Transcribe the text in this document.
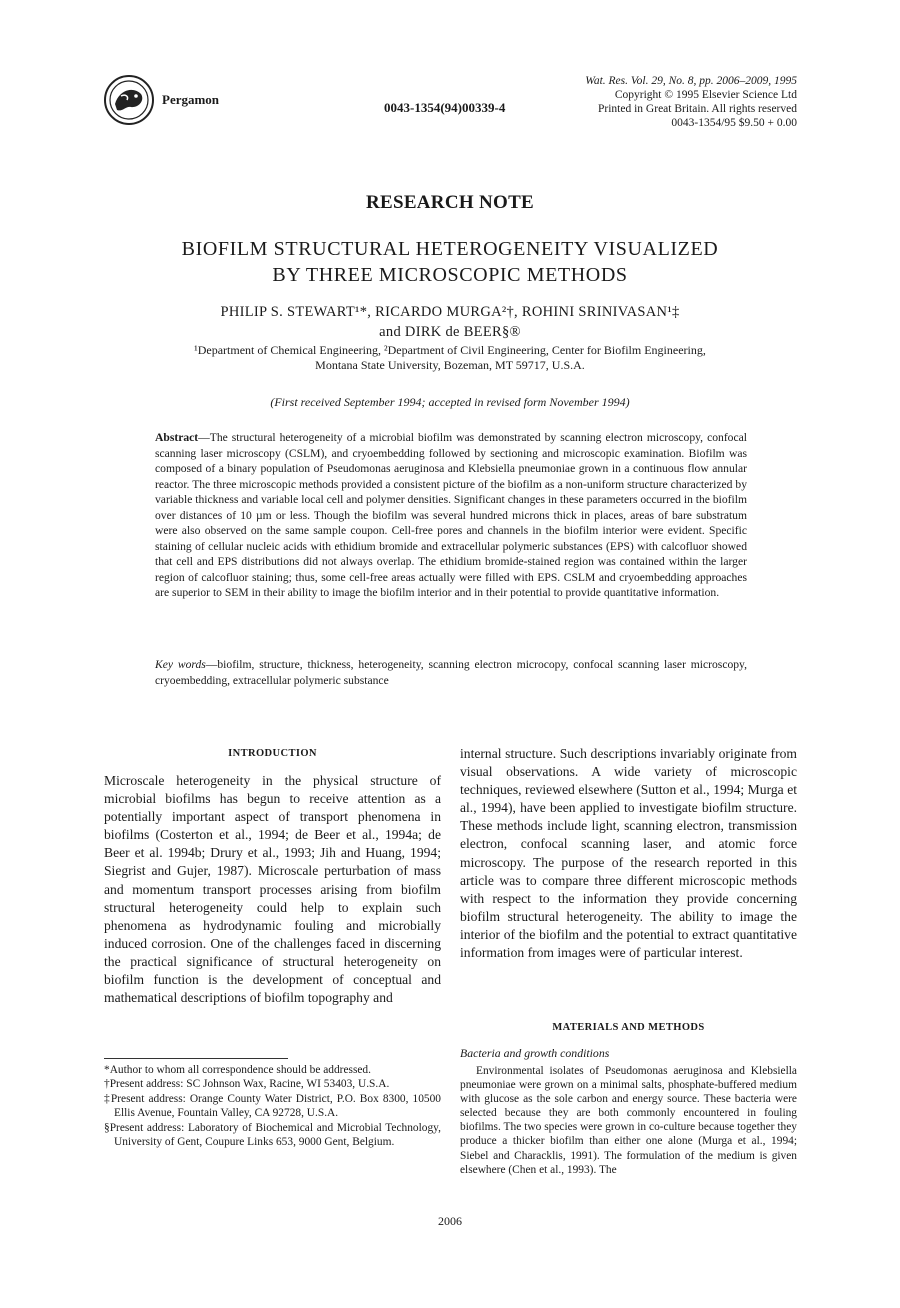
Pergamon
0043-1354(94)00339-4
Wat. Res. Vol. 29, No. 8, pp. 2006–2009, 1995
Copyright © 1995 Elsevier Science Ltd
Printed in Great Britain. All rights reserved
0043-1354/95 $9.50 + 0.00
RESEARCH NOTE
BIOFILM STRUCTURAL HETEROGENEITY VISUALIZED
BY THREE MICROSCOPIC METHODS
PHILIP S. STEWART¹*, RICARDO MURGA²†, ROHINI SRINIVASAN¹‡
and DIRK de BEER§®
¹Department of Chemical Engineering, ²Department of Civil Engineering, Center for Biofilm Engineering,
Montana State University, Bozeman, MT 59717, U.S.A.
(First received September 1994; accepted in revised form November 1994)
Abstract—The structural heterogeneity of a microbial biofilm was demonstrated by scanning electron microscopy, confocal scanning laser microscopy (CSLM), and cryoembedding followed by sectioning and microscopic examination. Biofilm was composed of a binary population of Pseudomonas aeruginosa and Klebsiella pneumoniae grown in a continuous flow annular reactor. The three microscopic methods provided a consistent picture of the biofilm as a non-uniform structure characterized by variable thickness and variable local cell and polymer densities. Significant changes in these parameters occurred in the biofilm over distances of 10 µm or less. Though the biofilm was several hundred microns thick in places, areas of bare substratum were also observed on the same sample coupon. Cell-free pores and channels in the biofilm interior were evident. Specific staining of cellular nucleic acids with ethidium bromide and extracellular polymeric substances (EPS) with calcofluor showed that cell and EPS distributions did not always overlap. The ethidium bromide-stained region was contained within the larger region of calcofluor staining; thus, some cell-free areas actually were filled with EPS. CSLM and cryoembedding approaches are superior to SEM in their ability to image the biofilm interior and in their potential to provide quantitative information.
Key words—biofilm, structure, thickness, heterogeneity, scanning electron microcopy, confocal scanning laser microscopy, cryoembedding, extracellular polymeric substance
INTRODUCTION

Microscale heterogeneity in the physical structure of microbial biofilms has begun to receive attention as a potentially important aspect of transport phenomena in biofilms (Costerton et al., 1994; de Beer et al., 1994a; de Beer et al. 1994b; Drury et al., 1993; Jih and Huang, 1994; Siegrist and Gujer, 1987). Microscale perturbation of mass and momentum transport processes arising from biofilm structural heterogeneity could help to explain such phenomena as hydrodynamic fouling and microbially induced corrosion. One of the challenges faced in discerning the practical significance of structural heterogeneity on biofilm function is the development of conceptual and mathematical descriptions of biofilm topography and

internal structure. Such descriptions invariably originate from visual observations. A wide variety of microscopic techniques, reviewed elsewhere (Sutton et al., 1994; Murga et al., 1994), have been applied to investigate biofilm structure. These methods include light, scanning electron, transmission electron, confocal scanning laser, and atomic force microscopy. The purpose of the research reported in this article was to compare three different microscopic methods with respect to the information they provide concerning biofilm structural heterogeneity. The ability to image the interior of the biofilm and the potential to extract quantitative information from images were of particular interest.

MATERIALS AND METHODS
Bacteria and growth conditions

Environmental isolates of Pseudomonas aeruginosa and Klebsiella pneumoniae were grown on a minimal salts, phosphate-buffered medium with glucose as the sole carbon and energy source. These bacteria were selected because they are both commonly encountered in fouling biofilms. The two species were grown in co-culture because together they produce a thicker biofilm than either one alone (Murga et al., 1994; Siebel and Characklis, 1991). The formulation of the medium is given elsewhere (Chen et al., 1993). The

*Author to whom all correspondence should be addressed.
†Present address: SC Johnson Wax, Racine, WI 53403, U.S.A.
‡Present address: Orange County Water District, P.O. Box 8300, 10500 Ellis Avenue, Fountain Valley, CA 92728, U.S.A.
§Present address: Laboratory of Biochemical and Microbial Technology, University of Gent, Coupure Links 653, 9000 Gent, Belgium.
2006
